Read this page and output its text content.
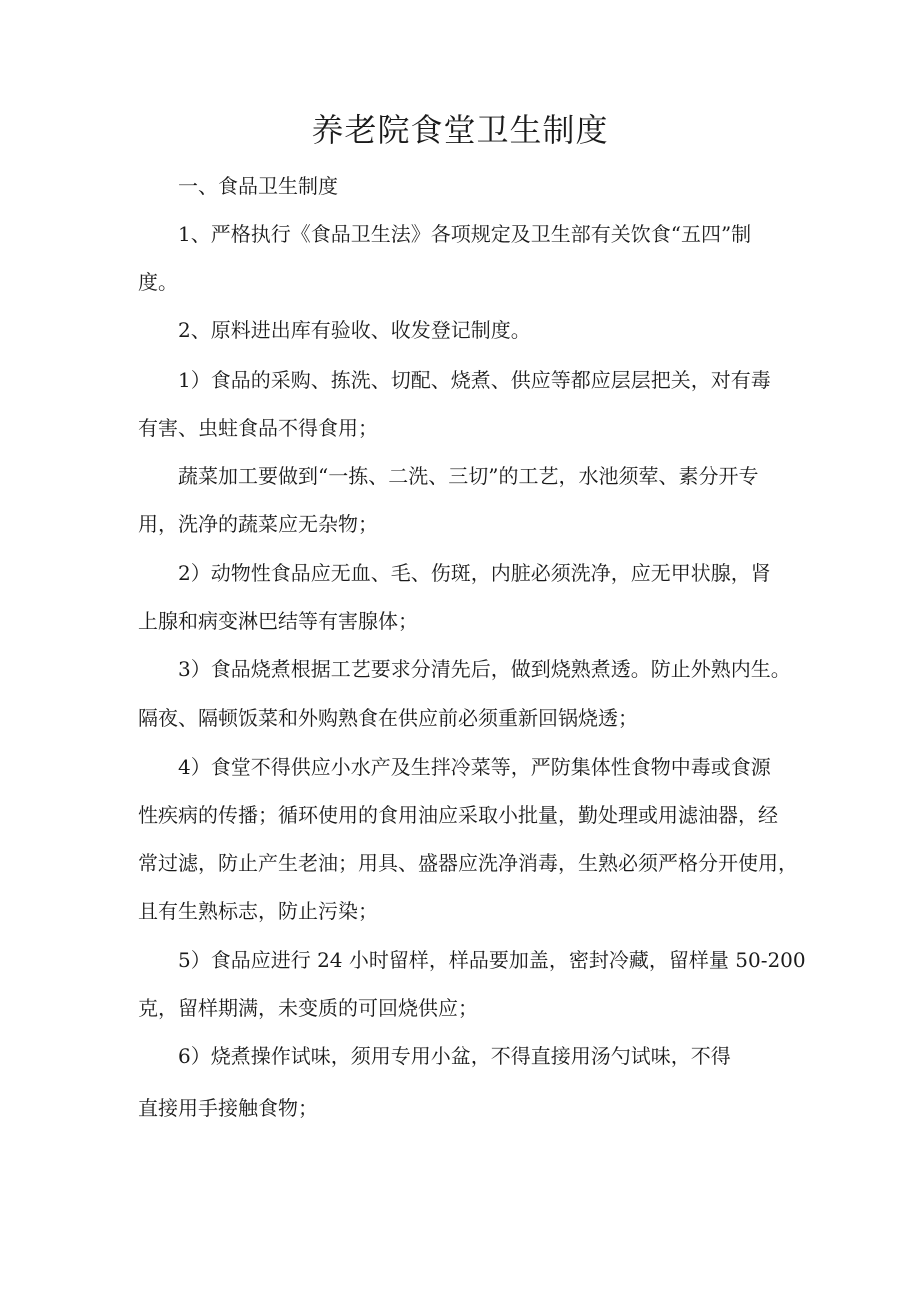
养老院食堂卫生制度

一、食品卫生制度

1、严格执行《食品卫生法》各项规定及卫生部有关饮食“五四”制

度。

2、原料进出库有验收、收发登记制度。

1）食品的采购、拣洗、切配、烧煮、供应等都应层层把关，对有毒

有害、虫蛀食品不得食用；

蔬菜加工要做到“一拣、二洗、三切”的工艺，水池须荤、素分开专

用，洗净的蔬菜应无杂物；

2）动物性食品应无血、毛、伤斑，内脏必须洗净，应无甲状腺，肾

上腺和病变淋巴结等有害腺体；

3）食品烧煮根据工艺要求分清先后，做到烧熟煮透。防止外熟内生。

隔夜、隔顿饭菜和外购熟食在供应前必须重新回锅烧透；

4）食堂不得供应小水产及生拌冷菜等，严防集体性食物中毒或食源

性疾病的传播；循环使用的食用油应采取小批量，勤处理或用滤油器，经

常过滤，防止产生老油；用具、盛器应洗净消毒，生熟必须严格分开使用，

且有生熟标志，防止污染；

5）食品应进行 24 小时留样，样品要加盖，密封冷藏，留样量 50-200

克，留样期满，未变质的可回烧供应；

6）烧煮操作试味，须用专用小盆，不得直接用汤勺试味，不得

直接用手接触食物；
